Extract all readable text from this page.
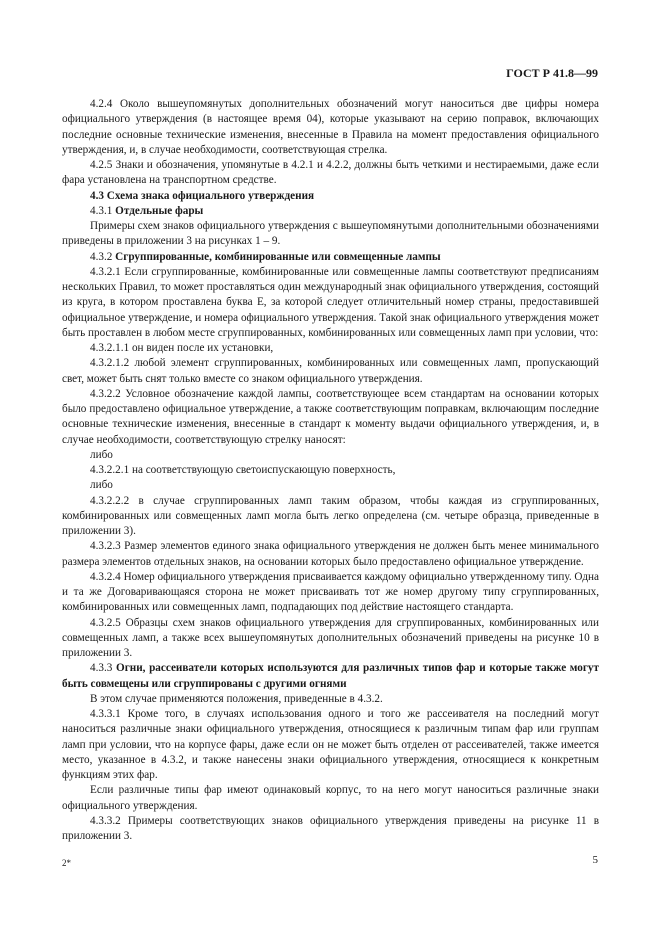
ГОСТ Р 41.8—99

4.2.4 Около вышеупомянутых дополнительных обозначений могут наноситься две цифры номера официального утверждения (в настоящее время 04), которые указывают на серию поправок, включающих последние основные технические изменения, внесенные в Правила на момент предоставления официального утверждения, и, в случае необходимости, соответствующая стрелка.

4.2.5 Знаки и обозначения, упомянутые в 4.2.1 и 4.2.2, должны быть четкими и нестираемыми, даже если фара установлена на транспортном средстве.

4.3 Схема знака официального утверждения

4.3.1 Отдельные фары

Примеры схем знаков официального утверждения с вышеупомянутыми дополнительными обозначениями приведены в приложении 3 на рисунках 1 – 9.

4.3.2 Сгруппированные, комбинированные или совмещенные лампы

4.3.2.1 Если сгруппированные, комбинированные или совмещенные лампы соответствуют предписаниям нескольких Правил, то может проставляться один международный знак официального утверждения, состоящий из круга, в котором проставлена буква Е, за которой следует отличительный номер страны, предоставившей официальное утверждение, и номера официального утверждения. Такой знак официального утверждения может быть проставлен в любом месте сгруппированных, комбинированных или совмещенных ламп при условии, что:

4.3.2.1.1 он виден после их установки,

4.3.2.1.2 любой элемент сгруппированных, комбинированных или совмещенных ламп, пропускающий свет, может быть снят только вместе со знаком официального утверждения.

4.3.2.2 Условное обозначение каждой лампы, соответствующее всем стандартам на основании которых было предоставлено официальное утверждение, а также соответствующим поправкам, включающим последние основные технические изменения, внесенные в стандарт к моменту выдачи официального утверждения, и, в случае необходимости, соответствующую стрелку наносят:

либо

4.3.2.2.1 на соответствующую светоиспускающую поверхность,

либо

4.3.2.2.2 в случае сгруппированных ламп таким образом, чтобы каждая из сгруппированных, комбинированных или совмещенных ламп могла быть легко определена (см. четыре образца, приведенные в приложении 3).

4.3.2.3 Размер элементов единого знака официального утверждения не должен быть менее минимального размера элементов отдельных знаков, на основании которых было предоставлено официальное утверждение.

4.3.2.4 Номер официального утверждения присваивается каждому официально утвержденному типу. Одна и та же Договаривающаяся сторона не может присваивать тот же номер другому типу сгруппированных, комбинированных или совмещенных ламп, подпадающих под действие настоящего стандарта.

4.3.2.5 Образцы схем знаков официального утверждения для сгруппированных, комбинированных или совмещенных ламп, а также всех вышеупомянутых дополнительных обозначений приведены на рисунке 10 в приложении 3.

4.3.3 Огни, рассеиватели которых используются для различных типов фар и которые также могут быть совмещены или сгруппированы с другими огнями

В этом случае применяются положения, приведенные в 4.3.2.

4.3.3.1 Кроме того, в случаях использования одного и того же рассеивателя на последний могут наноситься различные знаки официального утверждения, относящиеся к различным типам фар или группам ламп при условии, что на корпусе фары, даже если он не может быть отделен от рассеивателей, также имеется место, указанное в 4.3.2, и также нанесены знаки официального утверждения, относящиеся к конкретным функциям этих фар.

Если различные типы фар имеют одинаковый корпус, то на него могут наноситься различные знаки официального утверждения.

4.3.3.2 Примеры соответствующих знаков официального утверждения приведены на рисунке 11 в приложении 3.

2*	5
